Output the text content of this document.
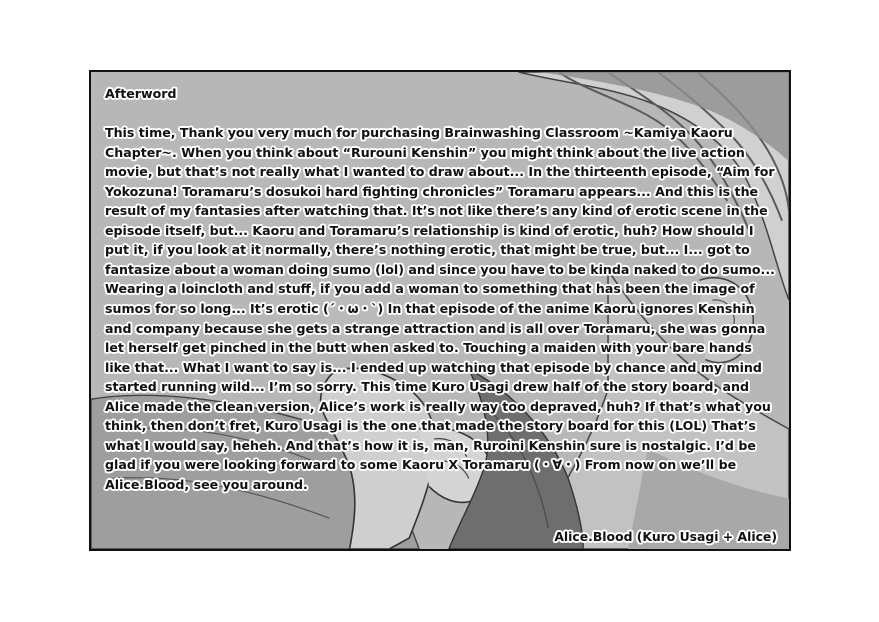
Afterword

This time, Thank you very much for purchasing Brainwashing Classroom ~Kamiya Kaoru Chapter~. When you think about “Rurouni Kenshin” you might think about the live action movie, but that’s not really what I wanted to draw about... In the thirteenth episode, “Aim for Yokozuna! Toramaru’s dosukoi hard fighting chronicles” Toramaru appears... And this is the result of my fantasies after watching that. It’s not like there’s any kind of erotic scene in the episode itself, but... Kaoru and Toramaru’s relationship is kind of erotic, huh? How should I put it, if you look at it normally, there’s nothing erotic, that might be true, but... I... got to fantasize about a woman doing sumo (lol) and since you have to be kinda naked to do sumo... Wearing a loincloth and stuff, if you add a woman to something that has been the image of sumos for so long... It’s erotic (´・ω・`) In that episode of the anime Kaoru ignores Kenshin and company because she gets a strange attraction and is all over Toramaru, she was gonna let herself get pinched in the butt when asked to. Touching a maiden with your bare hands like that... What I want to say is... I ended up watching that episode by chance and my mind started running wild... I’m so sorry. This time Kuro Usagi drew half of the story board, and Alice made the clean version, Alice’s work is really way too depraved, huh? If that’s what you think, then don’t fret, Kuro Usagi is the one that made the story board for this (LOL) That’s what I would say, heheh. And that’s how it is, man, Ruroini Kenshin sure is nostalgic. I’d be glad if you were looking forward to some Kaoru X Toramaru (・∀・) From now on we’ll be Alice.Blood, see you around.

Alice.Blood (Kuro Usagi + Alice)
